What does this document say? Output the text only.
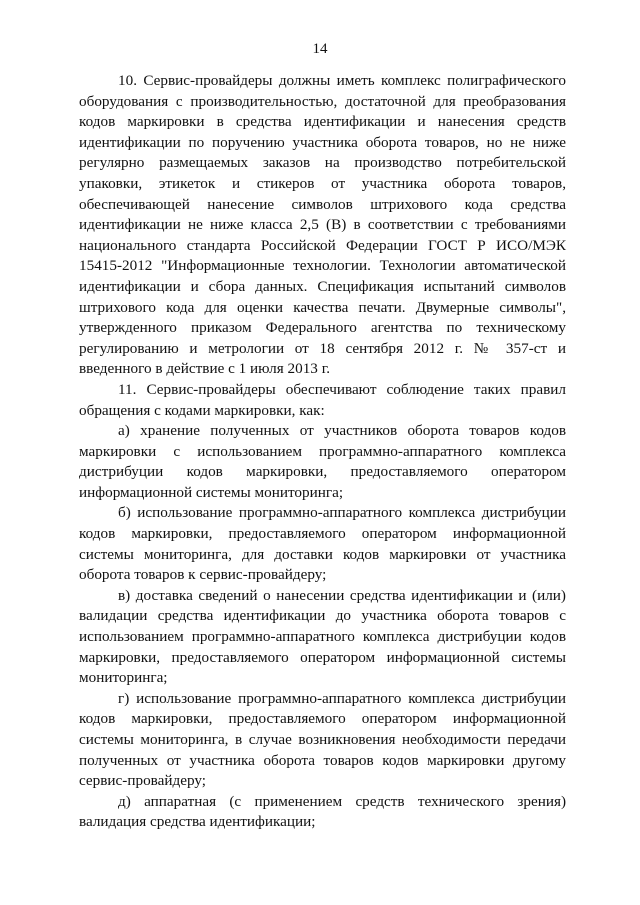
14

10. Сервис-провайдеры должны иметь комплекс полиграфического оборудования с производительностью, достаточной для преобразования кодов маркировки в средства идентификации и нанесения средств идентификации по поручению участника оборота товаров, но не ниже регулярно размещаемых заказов на производство потребительской упаковки, этикеток и стикеров от участника оборота товаров, обеспечивающей нанесение символов штрихового кода средства идентификации не ниже класса 2,5 (В) в соответствии с требованиями национального стандарта Российской Федерации ГОСТ Р ИСО/МЭК 15415-2012 "Информационные технологии. Технологии автоматической идентификации и сбора данных. Спецификация испытаний символов штрихового кода для оценки качества печати. Двумерные символы", утвержденного приказом Федерального агентства по техническому регулированию и метрологии от 18 сентября 2012 г. № 357-ст и введенного в действие с 1 июля 2013 г.

11. Сервис-провайдеры обеспечивают соблюдение таких правил обращения с кодами маркировки, как:

а) хранение полученных от участников оборота товаров кодов маркировки с использованием программно-аппаратного комплекса дистрибуции кодов маркировки, предоставляемого оператором информационной системы мониторинга;

б) использование программно-аппаратного комплекса дистрибуции кодов маркировки, предоставляемого оператором информационной системы мониторинга, для доставки кодов маркировки от участника оборота товаров к сервис-провайдеру;

в) доставка сведений о нанесении средства идентификации и (или) валидации средства идентификации до участника оборота товаров с использованием программно-аппаратного комплекса дистрибуции кодов маркировки, предоставляемого оператором информационной системы мониторинга;

г) использование программно-аппаратного комплекса дистрибуции кодов маркировки, предоставляемого оператором информационной системы мониторинга, в случае возникновения необходимости передачи полученных от участника оборота товаров кодов маркировки другому сервис-провайдеру;

д) аппаратная (с применением средств технического зрения) валидация средства идентификации;
